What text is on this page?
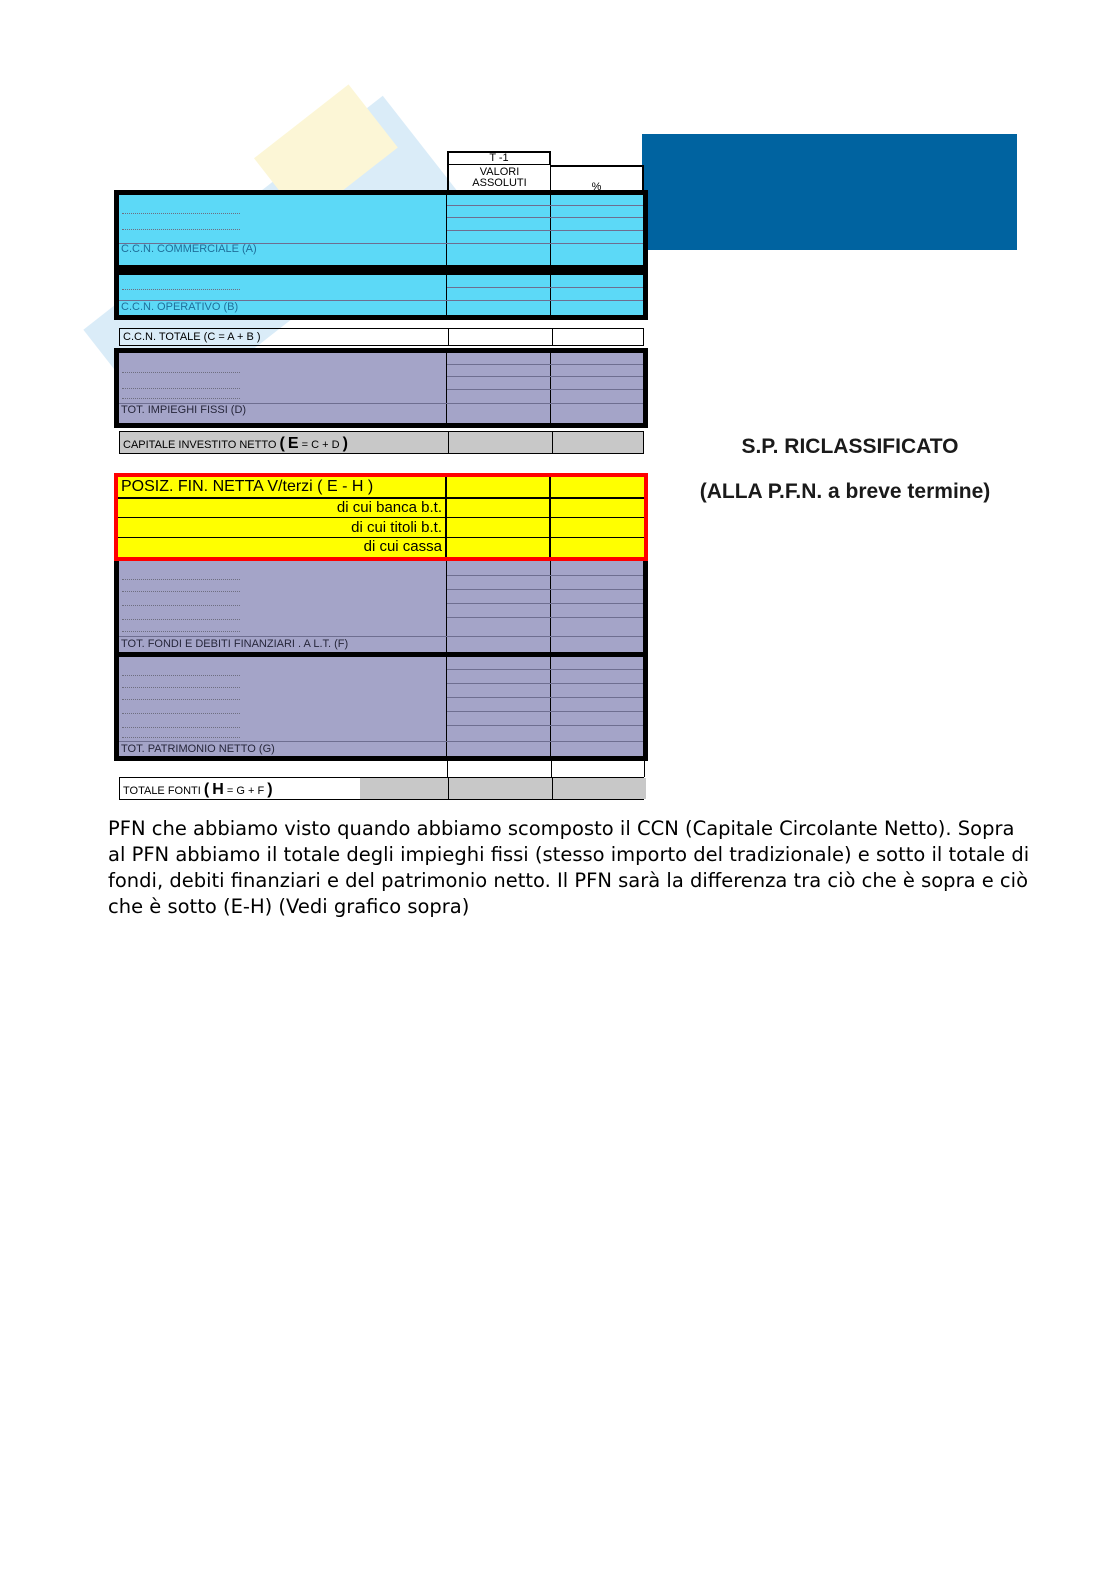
T -1
VALORI
ASSOLUTI	%
C.C.N. COMMERCIALE (A)
C.C.N. OPERATIVO (B)
C.C.N. TOTALE (C = A + B )
TOT. IMPIEGHI FISSI (D)
CAPITALE INVESTITO NETTO ( E = C + D )
POSIZ. FIN. NETTA V/terzi ( E - H )
di cui banca b.t.
di cui titoli b.t.
di cui cassa
TOT. FONDI E DEBITI FINANZIARI . A L.T. (F)
TOT. PATRIMONIO NETTO (G)
TOTALE FONTI ( H = G + F )
S.P. RICLASSIFICATO
(ALLA P.F.N. a breve termine)

PFN che abbiamo visto quando abbiamo scomposto il CCN (Capitale Circolante Netto). Sopra al PFN abbiamo il totale degli impieghi fissi (stesso importo del tradizionale) e sotto il totale di fondi, debiti finanziari e del patrimonio netto. Il PFN sarà la differenza tra ciò che è sopra e ciò che è sotto (E-H) (Vedi grafico sopra)
